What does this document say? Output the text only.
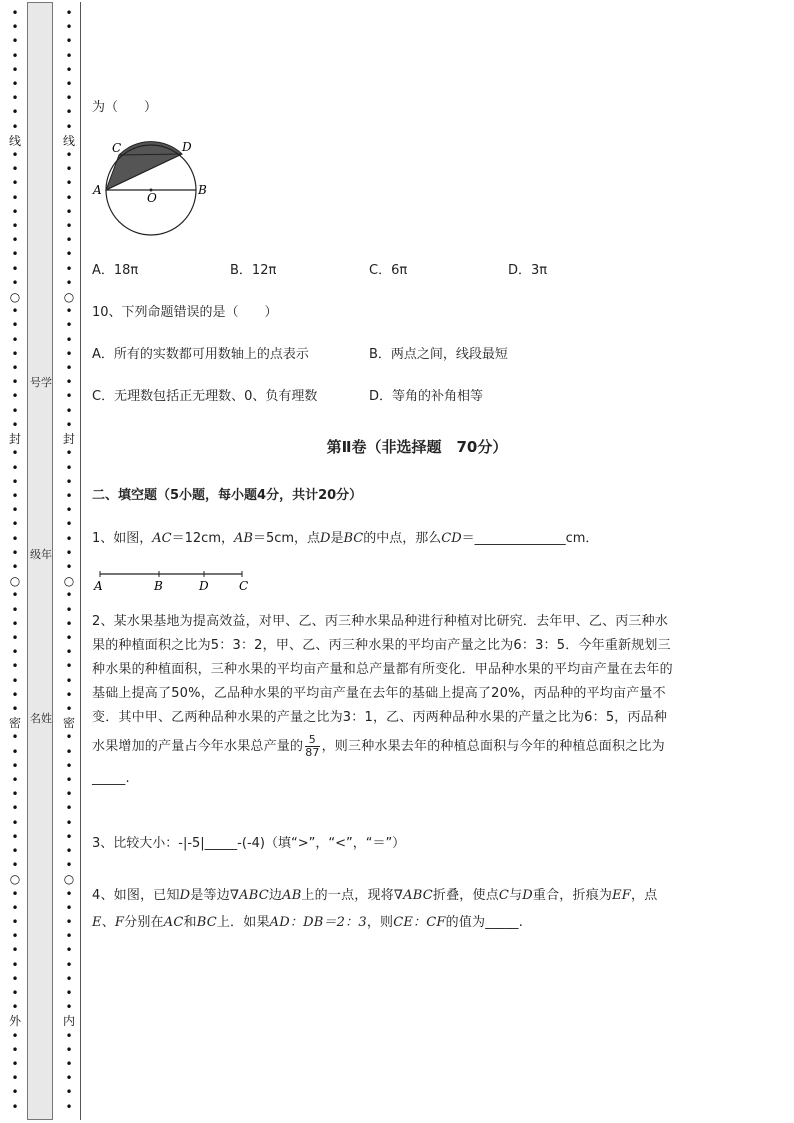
•
•
•
•
•
•
•
•
•
线
•
•
•
•
•
•
•
•
•
•
○
•
•
•
•
•
•
•
•
•
封
•
•
•
•
•
•
•
•
•
○
•
•
•
•
•
•
•
•
•
密
•
•
•
•
•
•
•
•
•
•
○
•
•
•
•
•
•
•
•
•
外
•
•
•
•
•
•
号学
级年
名姓
•
•
•
•
•
•
•
•
•
线
•
•
•
•
•
•
•
•
•
•
○
•
•
•
•
•
•
•
•
•
封
•
•
•
•
•
•
•
•
•
○
•
•
•
•
•
•
•
•
•
密
•
•
•
•
•
•
•
•
•
•
○
•
•
•
•
•
•
•
•
•
内
•
•
•
•
•
•
为（　　）
C	D
A
O
B
A．18π	B．12π	C．6π	D．3π
10、下列命题错误的是（　　）
A．所有的实数都可用数轴上的点表示	B．两点之间，线段最短
C．无理数包括正无理数、0、负有理数	D．等角的补角相等
第Ⅱ卷（非选择题　70分）
二、填空题（5小题，每小题4分，共计20分）
1、如图，AC＝12cm，AB＝5cm，点D是BC的中点，那么CD＝______________cm．
A	B	D	C
2、某水果基地为提高效益，对甲、乙、丙三种水果品种进行种植对比研究．去年甲、乙、丙三种水
果的种植面积之比为5：3：2，甲、乙、丙三种水果的平均亩产量之比为6：3：5．今年重新规划三
种水果的种植面积，三种水果的平均亩产量和总产量都有所变化．甲品种水果的平均亩产量在去年的
基础上提高了50%，乙品种水果的平均亩产量在去年的基础上提高了20%，丙品种的平均亩产量不
变．其中甲、乙两种品种水果的产量之比为3：1，乙、丙两种品种水果的产量之比为6：5，丙品种
水果增加的产量占今年水果总产量的 $\frac{5}{87}$ ，则三种水果去年的种植总面积与今年的种植总面积之比为
_____.
3、比较大小：-|-5|_____-(-4)（填“>”，“<”，“＝”）
4、如图，已知D是等边∇ABC边AB上的一点，现将∇ABC折叠，使点C与D重合，折痕为EF，点
E、F分别在AC和BC上．如果AD：DB＝2：3，则CE：CF的值为_____.
